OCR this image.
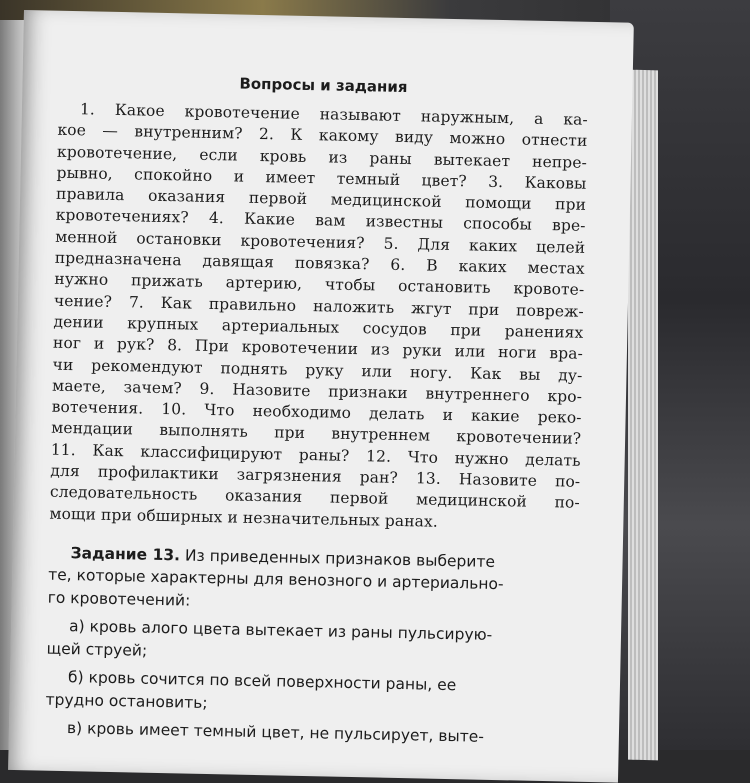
Вопросы и задания
1. Какое кровотечение называют наружным, а ка-
кое — внутренним? 2. К какому виду можно отнести
кровотечение, если кровь из раны вытекает непре-
рывно, спокойно и имеет темный цвет? 3. Каковы
правила оказания первой медицинской помощи при
кровотечениях? 4. Какие вам известны способы вре-
менной остановки кровотечения? 5. Для каких целей
предназначена давящая повязка? 6. В каких местах
нужно прижать артерию, чтобы остановить кровоте-
чение? 7. Как правильно наложить жгут при повреж-
дении крупных артериальных сосудов при ранениях
ног и рук? 8. При кровотечении из руки или ноги вра-
чи рекомендуют поднять руку или ногу. Как вы ду-
маете, зачем? 9. Назовите признаки внутреннего кро-
вотечения. 10. Что необходимо делать и какие реко-
мендации выполнять при внутреннем кровотечении?
11. Как классифицируют раны? 12. Что нужно делать
для профилактики загрязнения ран? 13. Назовите по-
следовательность оказания первой медицинской по-
мощи при обширных и незначительных ранах.
Задание 13. Из приведенных признаков выберите
те, которые характерны для венозного и артериально-
го кровотечений:
а) кровь алого цвета вытекает из раны пульсирую-
щей струей;
б) кровь сочится по всей поверхности раны, ее
трудно остановить;
в) кровь имеет темный цвет, не пульсирует, выте-
